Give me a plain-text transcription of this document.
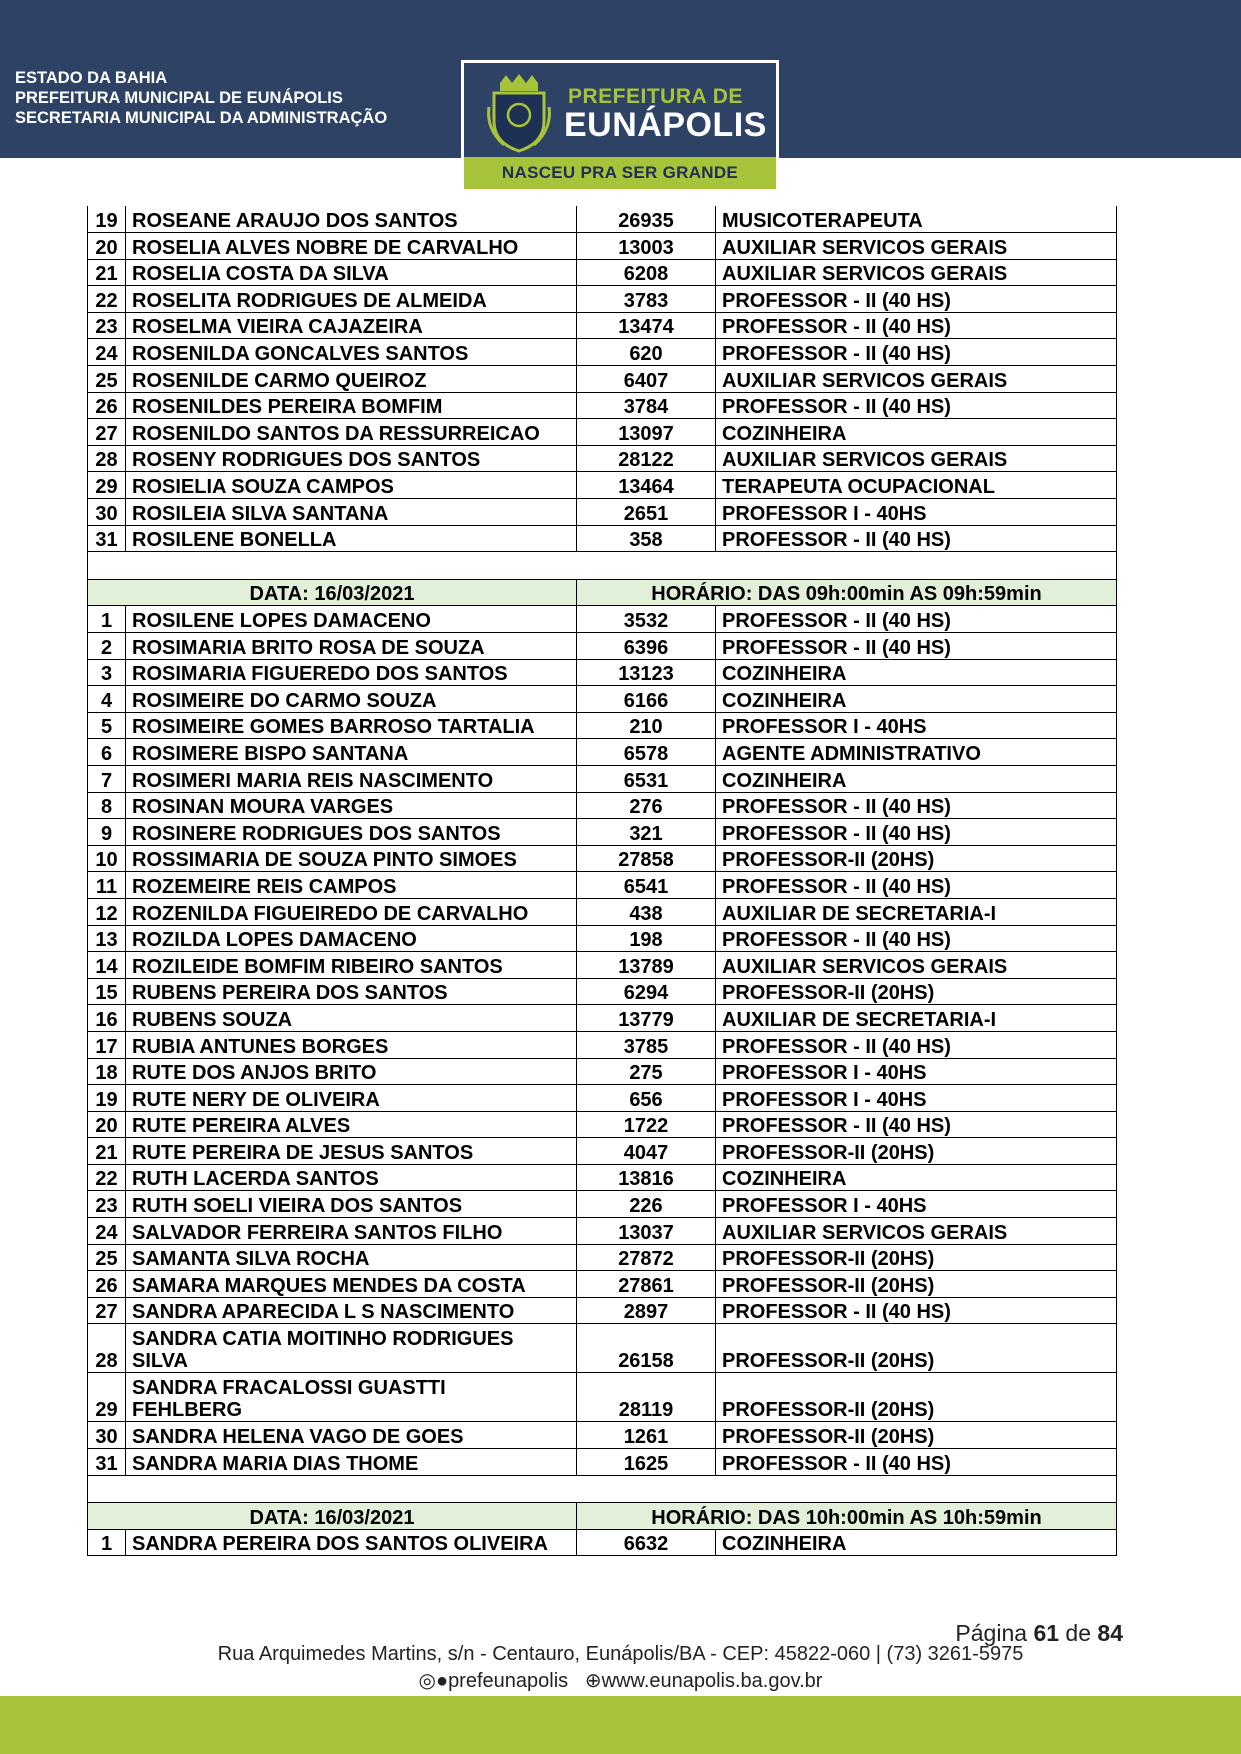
ESTADO DA BAHIA
PREFEITURA MUNICIPAL DE EUNÁPOLIS
SECRETARIA MUNICIPAL DA ADMINISTRAÇÃO
PREFEITURA DE
EUNÁPOLIS
NASCEU PRA SER GRANDE
19	ROSEANE ARAUJO DOS SANTOS	26935	MUSICOTERAPEUTA
20	ROSELIA ALVES NOBRE DE CARVALHO	13003	AUXILIAR SERVICOS GERAIS
21	ROSELIA COSTA DA SILVA	6208	AUXILIAR SERVICOS GERAIS
22	ROSELITA RODRIGUES DE ALMEIDA	3783	PROFESSOR - II (40 HS)
23	ROSELMA VIEIRA CAJAZEIRA	13474	PROFESSOR - II (40 HS)
24	ROSENILDA GONCALVES SANTOS	620	PROFESSOR - II (40 HS)
25	ROSENILDE CARMO QUEIROZ	6407	AUXILIAR SERVICOS GERAIS
26	ROSENILDES PEREIRA BOMFIM	3784	PROFESSOR - II (40 HS)
27	ROSENILDO SANTOS DA RESSURREICAO	13097	COZINHEIRA
28	ROSENY RODRIGUES DOS SANTOS	28122	AUXILIAR SERVICOS GERAIS
29	ROSIELIA SOUZA CAMPOS	13464	TERAPEUTA OCUPACIONAL
30	ROSILEIA SILVA SANTANA	2651	PROFESSOR I - 40HS
31	ROSILENE BONELLA	358	PROFESSOR - II (40 HS)

DATA: 16/03/2021		HORÁRIO: DAS 09h:00min AS 09h:59min	
1	ROSILENE LOPES DAMACENO	3532	PROFESSOR - II (40 HS)
2	ROSIMARIA BRITO ROSA DE SOUZA	6396	PROFESSOR - II (40 HS)
3	ROSIMARIA FIGUEREDO DOS SANTOS	13123	COZINHEIRA
4	ROSIMEIRE DO CARMO SOUZA	6166	COZINHEIRA
5	ROSIMEIRE GOMES BARROSO TARTALIA	210	PROFESSOR I - 40HS
6	ROSIMERE BISPO SANTANA	6578	AGENTE ADMINISTRATIVO
7	ROSIMERI MARIA REIS NASCIMENTO	6531	COZINHEIRA
8	ROSINAN MOURA VARGES	276	PROFESSOR - II (40 HS)
9	ROSINERE RODRIGUES DOS SANTOS	321	PROFESSOR - II (40 HS)
10	ROSSIMARIA DE SOUZA PINTO SIMOES	27858	PROFESSOR-II (20HS)
11	ROZEMEIRE REIS CAMPOS	6541	PROFESSOR - II (40 HS)
12	ROZENILDA FIGUEIREDO DE CARVALHO	438	AUXILIAR DE SECRETARIA-I
13	ROZILDA LOPES DAMACENO	198	PROFESSOR - II (40 HS)
14	ROZILEIDE BOMFIM RIBEIRO SANTOS	13789	AUXILIAR SERVICOS GERAIS
15	RUBENS PEREIRA DOS SANTOS	6294	PROFESSOR-II (20HS)
16	RUBENS SOUZA	13779	AUXILIAR DE SECRETARIA-I
17	RUBIA ANTUNES BORGES	3785	PROFESSOR - II (40 HS)
18	RUTE DOS ANJOS BRITO	275	PROFESSOR I - 40HS
19	RUTE NERY DE OLIVEIRA	656	PROFESSOR I - 40HS
20	RUTE PEREIRA ALVES	1722	PROFESSOR - II (40 HS)
21	RUTE PEREIRA DE JESUS SANTOS	4047	PROFESSOR-II (20HS)
22	RUTH LACERDA SANTOS	13816	COZINHEIRA
23	RUTH SOELI VIEIRA DOS SANTOS	226	PROFESSOR I - 40HS
24	SALVADOR FERREIRA SANTOS FILHO	13037	AUXILIAR SERVICOS GERAIS
25	SAMANTA SILVA ROCHA	27872	PROFESSOR-II (20HS)
26	SAMARA MARQUES MENDES DA COSTA	27861	PROFESSOR-II (20HS)
27	SANDRA APARECIDA L S NASCIMENTO	2897	PROFESSOR - II (40 HS)
28	SANDRA CATIA MOITINHO RODRIGUES
SILVA	26158	PROFESSOR-II (20HS)
29	SANDRA FRACALOSSI GUASTTI
FEHLBERG	28119	PROFESSOR-II (20HS)
30	SANDRA HELENA VAGO DE GOES	1261	PROFESSOR-II (20HS)
31	SANDRA MARIA DIAS THOME	1625	PROFESSOR - II (40 HS)

DATA: 16/03/2021		HORÁRIO: DAS 10h:00min AS 10h:59min	
1	SANDRA PEREIRA DOS SANTOS OLIVEIRA	6632	COZINHEIRA
Página 61 de 84
Rua Arquimedes Martins, s/n - Centauro, Eunápolis/BA - CEP: 45822-060 | (73) 3261-5975
◎●prefeunapolis ⊕www.eunapolis.ba.gov.br
